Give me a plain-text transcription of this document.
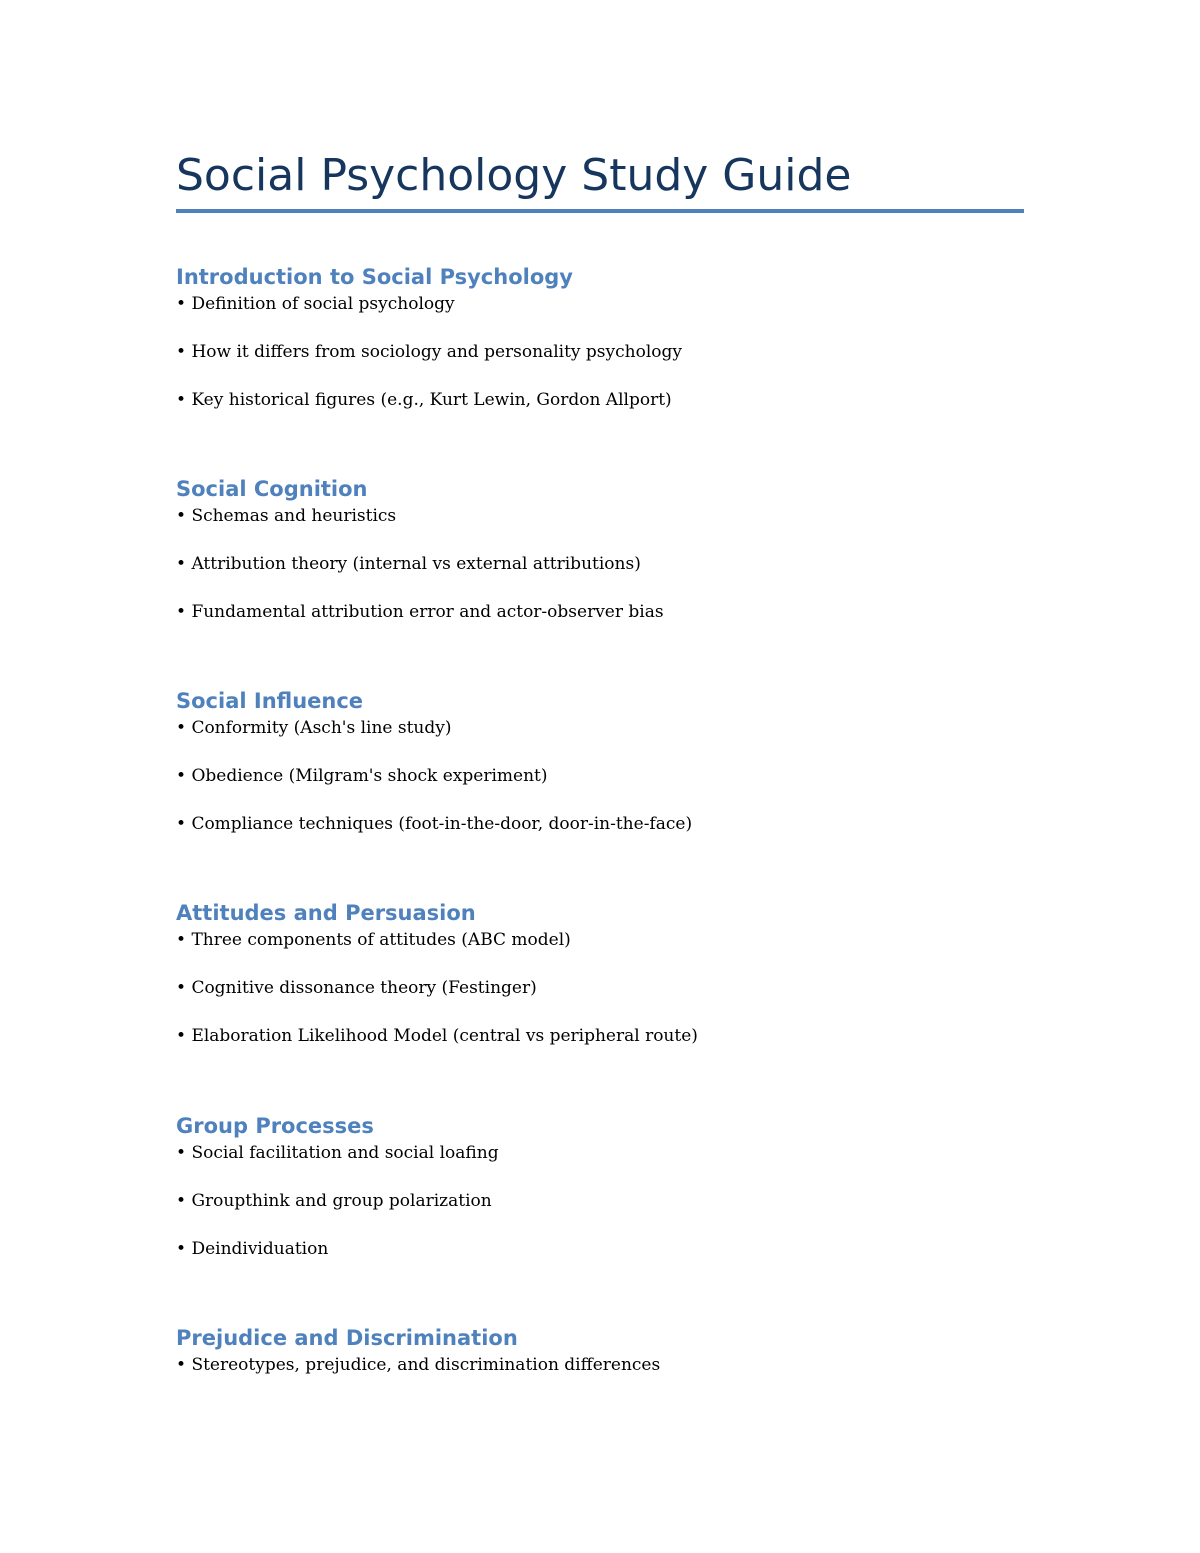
Social Psychology Study Guide
Introduction to Social Psychology
• Definition of social psychology
• How it differs from sociology and personality psychology
• Key historical figures (e.g., Kurt Lewin, Gordon Allport)
Social Cognition
• Schemas and heuristics
• Attribution theory (internal vs external attributions)
• Fundamental attribution error and actor-observer bias
Social Influence
• Conformity (Asch's line study)
• Obedience (Milgram's shock experiment)
• Compliance techniques (foot-in-the-door, door-in-the-face)
Attitudes and Persuasion
• Three components of attitudes (ABC model)
• Cognitive dissonance theory (Festinger)
• Elaboration Likelihood Model (central vs peripheral route)
Group Processes
• Social facilitation and social loafing
• Groupthink and group polarization
• Deindividuation
Prejudice and Discrimination
• Stereotypes, prejudice, and discrimination differences
